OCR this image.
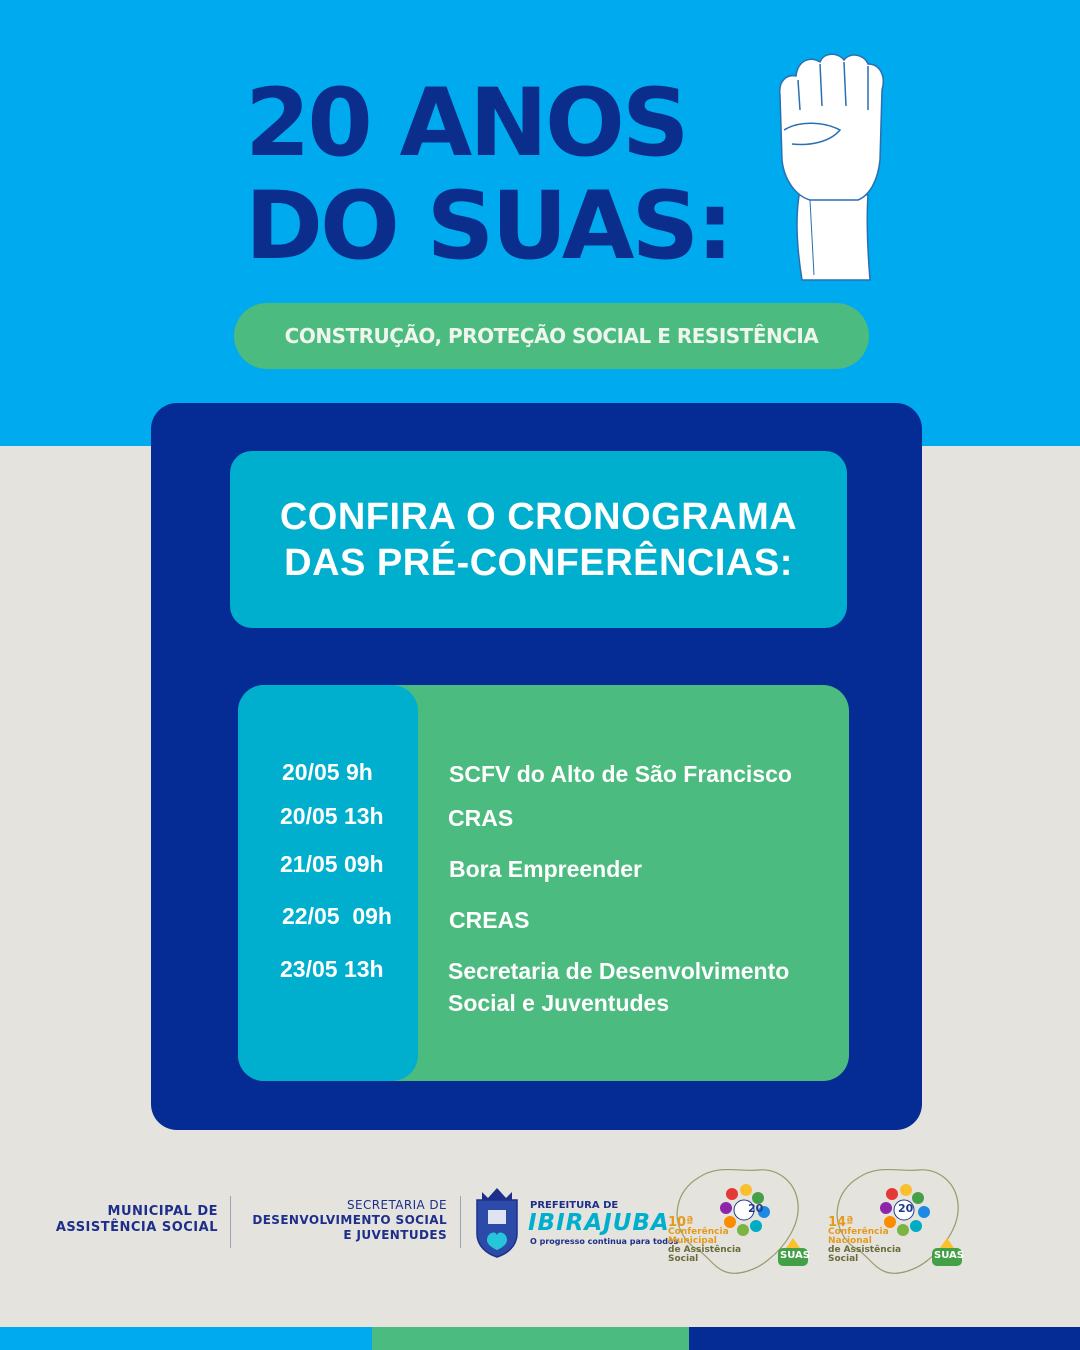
20 ANOS
DO SUAS:
CONSTRUÇÃO, PROTEÇÃO SOCIAL E RESISTÊNCIA
CONFIRA O CRONOGRAMA
DAS PRÉ-CONFERÊNCIAS:
20/05 9h	SCFV do Alto de São Francisco
20/05 13h	CRAS
21/05 09h	Bora Empreender
22/05  09h CREAS
23/05 13h	Secretaria de Desenvolvimento
Social e Juventudes
MUNICIPAL DE
ASSISTÊNCIA SOCIAL
SECRETARIA DE
DESENVOLVIMENTO SOCIAL
E JUVENTUDES
PREFEITURA DE
IBIRAJUBA
O progresso continua para todos
20
10ª
Conferência
Municipal
de Assistência
Social	SUAS
20
14ª
Conferência
Nacional
de Assistência
Social	SUAS
